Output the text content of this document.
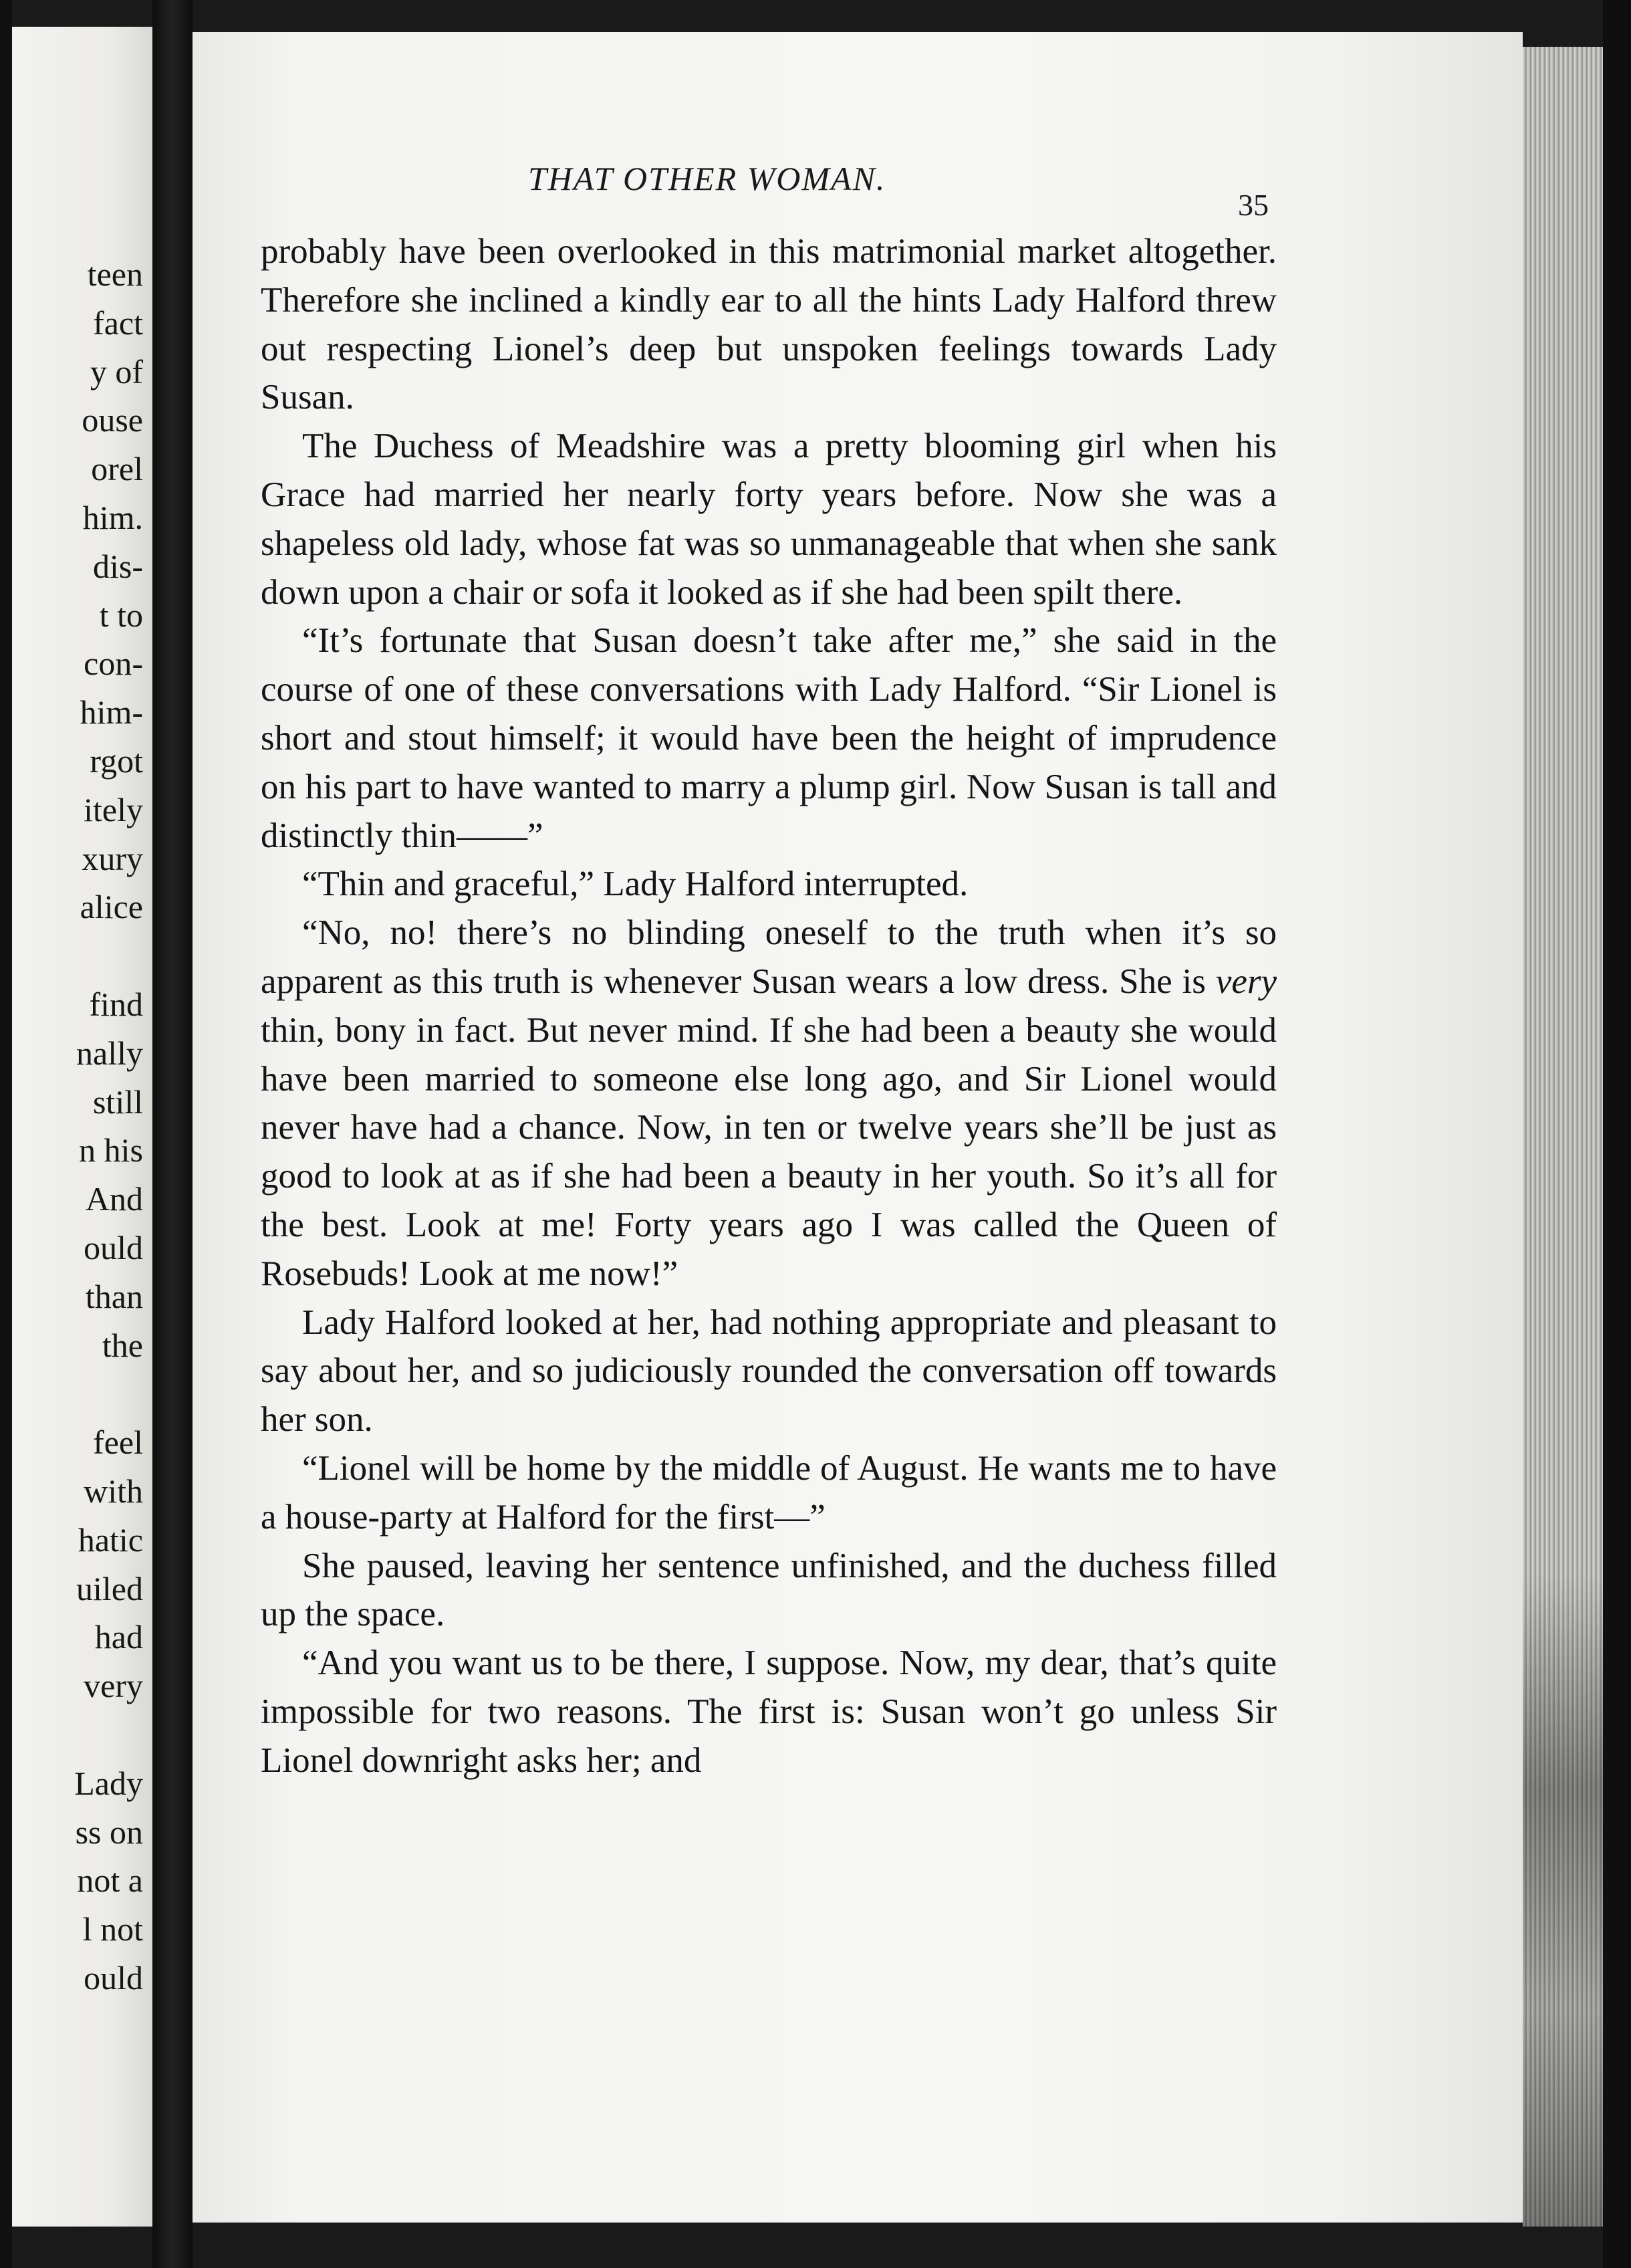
teen
fact
y of
ouse
orel
him.
dis-
t to
con-
him-
rgot
itely
xury
alice
find
nally
still
n his
And
ould
than
the
feel
with
hatic
uiled
had
very
Lady
ss on
not a
l not
ould
THAT OTHER WOMAN.
35

probably have been overlooked in this matrimonial market altogether. Therefore she inclined a kindly ear to all the hints Lady Halford threw out respecting Lionel’s deep but unspoken feelings towards Lady Susan.

The Duchess of Meadshire was a pretty blooming girl when his Grace had married her nearly forty years before. Now she was a shapeless old lady, whose fat was so unmanageable that when she sank down upon a chair or sofa it looked as if she had been spilt there.

“It’s fortunate that Susan doesn’t take after me,” she said in the course of one of these conversations with Lady Halford. “Sir Lionel is short and stout himself; it would have been the height of imprudence on his part to have wanted to marry a plump girl. Now Susan is tall and distinctly thin——”

“Thin and graceful,” Lady Halford interrupted.

“No, no! there’s no blinding oneself to the truth when it’s so apparent as this truth is whenever Susan wears a low dress. She is very thin, bony in fact. But never mind. If she had been a beauty she would have been married to someone else long ago, and Sir Lionel would never have had a chance. Now, in ten or twelve years she’ll be just as good to look at as if she had been a beauty in her youth. So it’s all for the best. Look at me! Forty years ago I was called the Queen of Rosebuds! Look at me now!”

Lady Halford looked at her, had nothing appropriate and pleasant to say about her, and so judiciously rounded the conversation off towards her son.

“Lionel will be home by the middle of August. He wants me to have a house-party at Halford for the first—”

She paused, leaving her sentence unfinished, and the duchess filled up the space.

“And you want us to be there, I suppose. Now, my dear, that’s quite impossible for two reasons. The first is: Susan won’t go unless Sir Lionel downright asks her; and
